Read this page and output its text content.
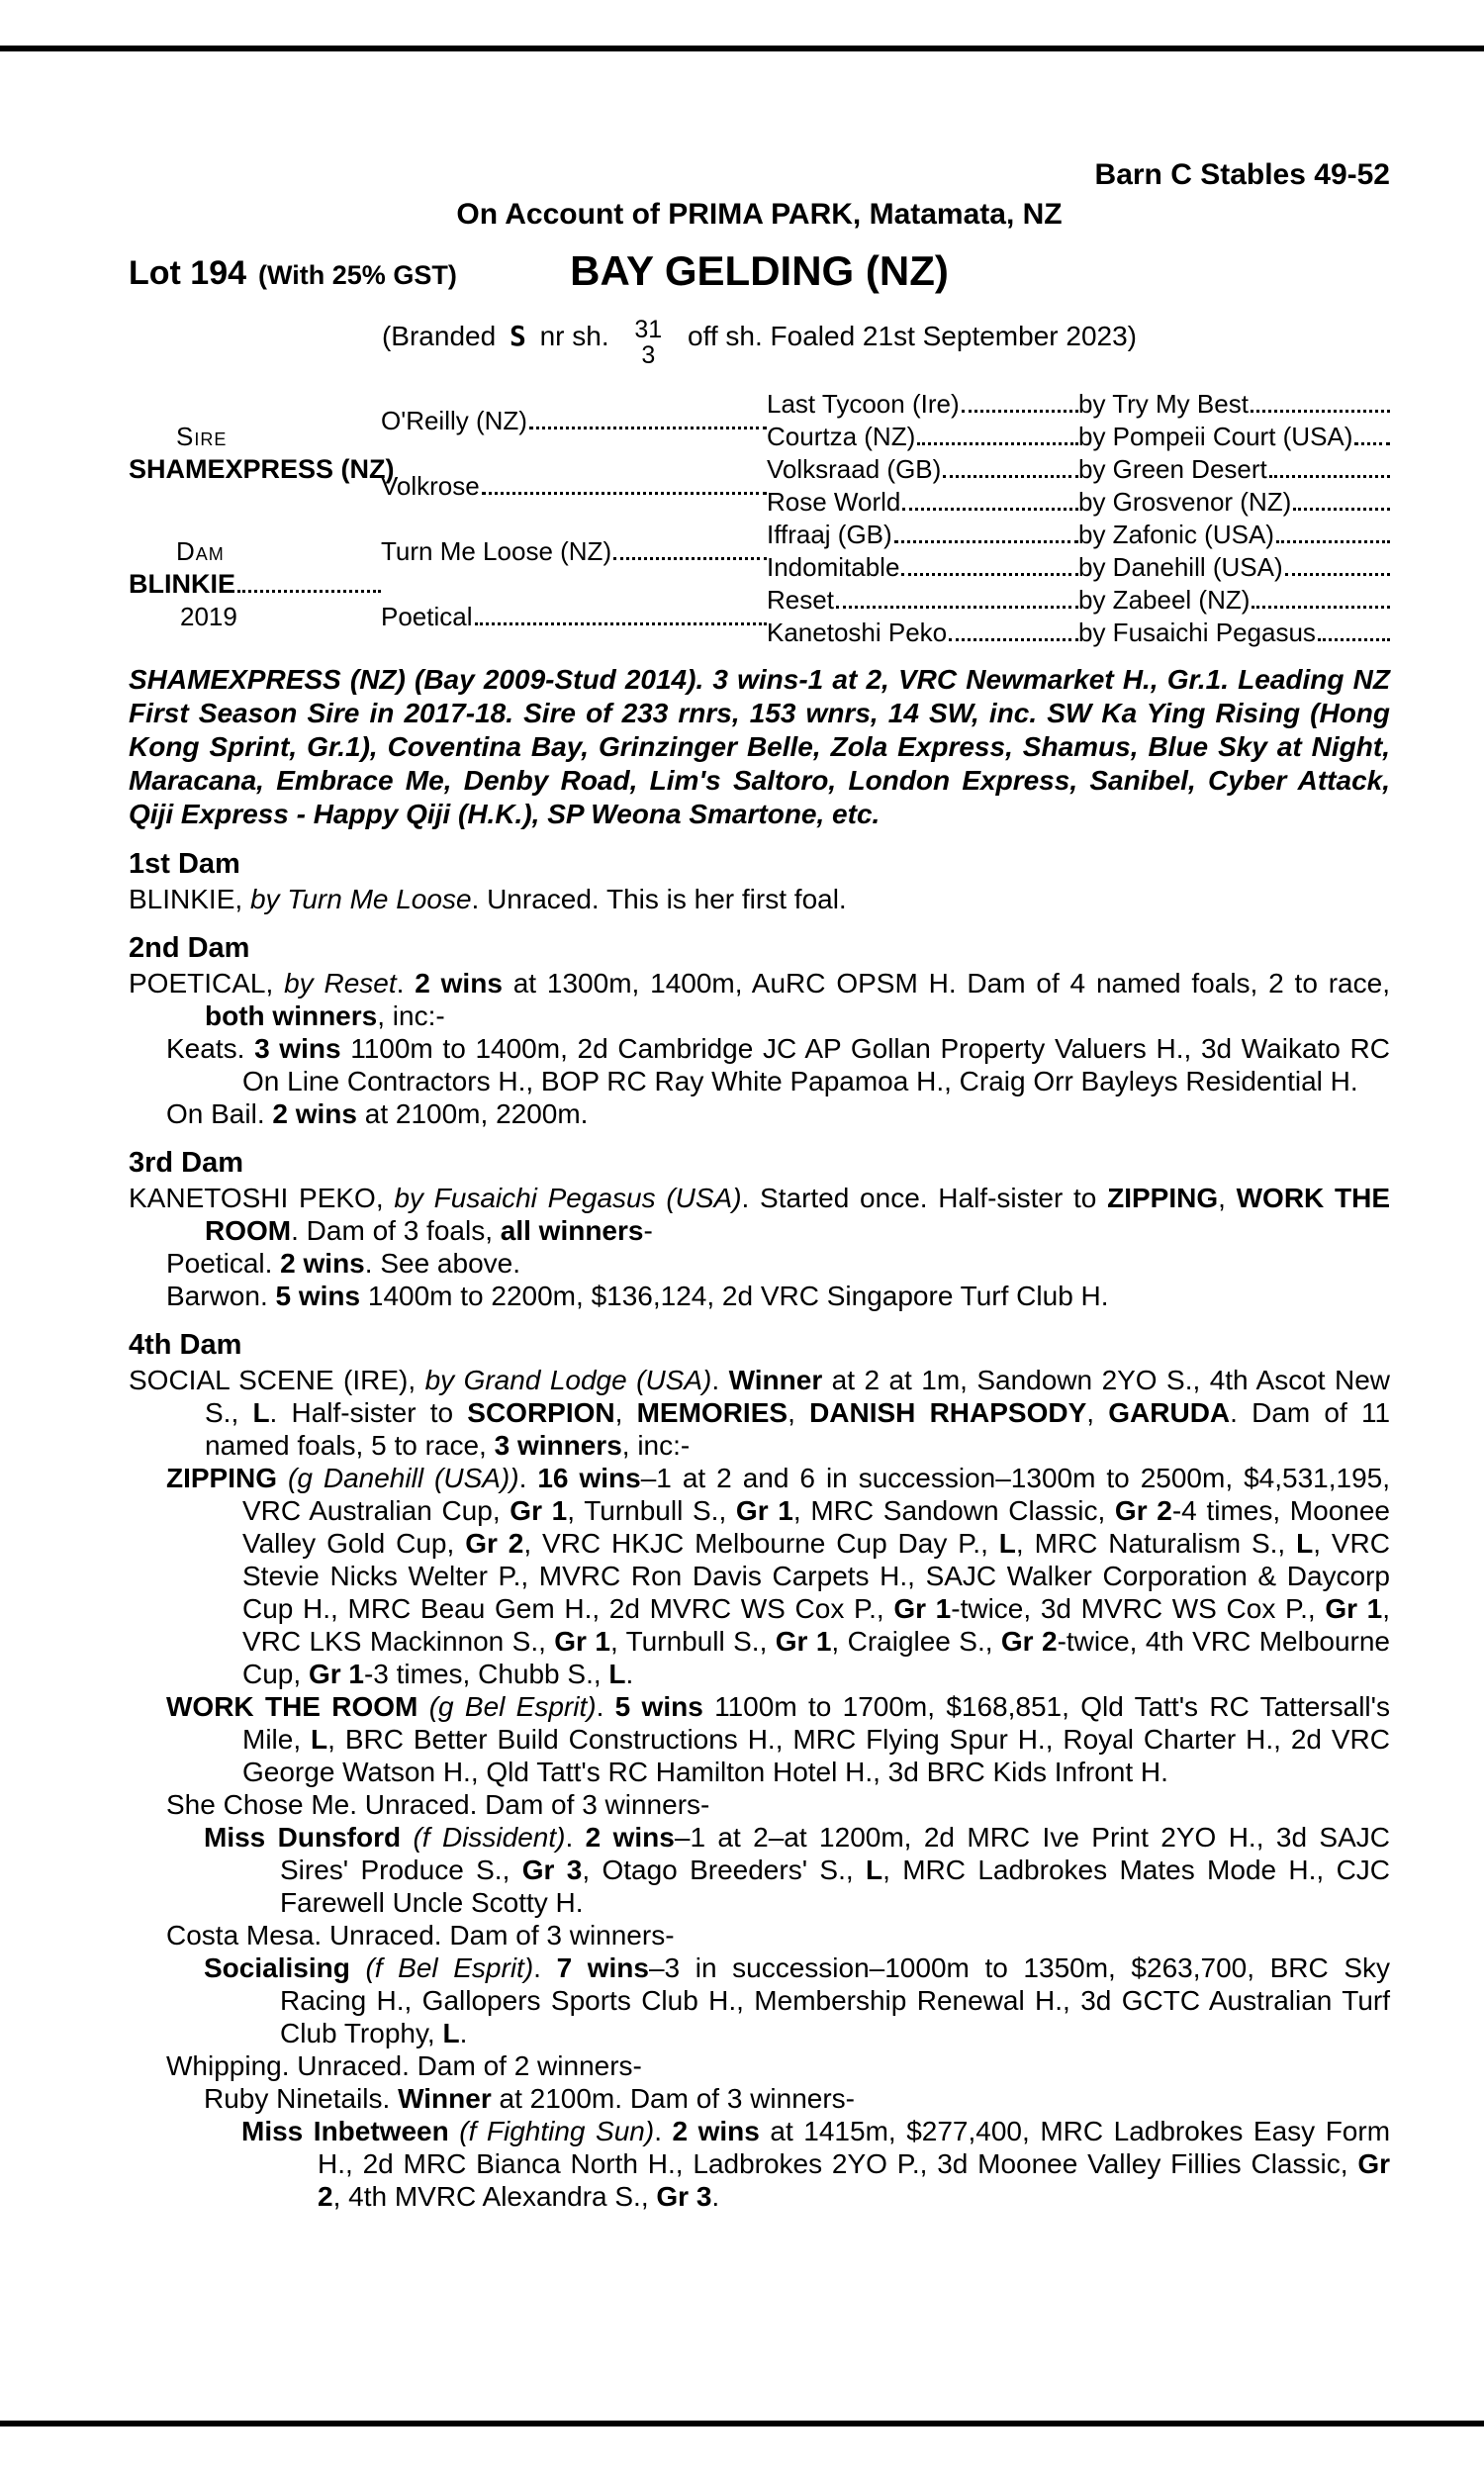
Barn C Stables 49-52
On Account of PRIMA PARK, Matamata, NZ
Lot 194 (With 25% GST)	BAY GELDING (NZ)
(Branded S nr sh. 31
3
off sh. Foaled 21st September 2023)
Sire
SHAMEXPRESS (NZ)
Dam
BLINKIE
2019
O'Reilly (NZ)
Volkrose
Turn Me Loose (NZ)
Poetical
Last Tycoon (Ire)
Courtza (NZ)
Volksraad (GB)
Rose World
Iffraaj (GB)
Indomitable
Reset
Kanetoshi Peko
by Try My Best
by Pompeii Court (USA)
by Green Desert
by Grosvenor (NZ)
by Zafonic (USA)
by Danehill (USA)
by Zabeel (NZ)
by Fusaichi Pegasus
SHAMEXPRESS (NZ) (Bay 2009-Stud 2014). 3 wins-1 at 2, VRC Newmarket H., Gr.1. Leading NZ First Season Sire in 2017-18. Sire of 233 rnrs, 153 wnrs, 14 SW, inc. SW Ka Ying Rising (Hong Kong Sprint, Gr.1), Coventina Bay, Grinzinger Belle, Zola Express, Shamus, Blue Sky at Night, Maracana, Embrace Me, Denby Road, Lim's Saltoro, London Express, Sanibel, Cyber Attack, Qiji Express - Happy Qiji (H.K.), SP Weona Smartone, etc.
1st Dam
BLINKIE, by Turn Me Loose. Unraced. This is her first foal.
2nd Dam
POETICAL, by Reset. 2 wins at 1300m, 1400m, AuRC OPSM H. Dam of 4 named foals, 2 to race, both winners, inc:-
Keats. 3 wins 1100m to 1400m, 2d Cambridge JC AP Gollan Property Valuers H., 3d Waikato RC On Line Contractors H., BOP RC Ray White Papamoa H., Craig Orr Bayleys Residential H.
On Bail. 2 wins at 2100m, 2200m.
3rd Dam
KANETOSHI PEKO, by Fusaichi Pegasus (USA). Started once. Half-sister to ZIPPING, WORK THE ROOM. Dam of 3 foals, all winners-
Poetical. 2 wins. See above.
Barwon. 5 wins 1400m to 2200m, $136,124, 2d VRC Singapore Turf Club H.
4th Dam
SOCIAL SCENE (IRE), by Grand Lodge (USA). Winner at 2 at 1m, Sandown 2YO S., 4th Ascot New S., L. Half-sister to SCORPION, MEMORIES, DANISH RHAPSODY, GARUDA. Dam of 11 named foals, 5 to race, 3 winners, inc:-
ZIPPING (g Danehill (USA)). 16 wins–1 at 2 and 6 in succession–1300m to 2500m, $4,531,195, VRC Australian Cup, Gr 1, Turnbull S., Gr 1, MRC Sandown Classic, Gr 2-4 times, Moonee Valley Gold Cup, Gr 2, VRC HKJC Melbourne Cup Day P., L, MRC Naturalism S., L, VRC Stevie Nicks Welter P., MVRC Ron Davis Carpets H., SAJC Walker Corporation & Daycorp Cup H., MRC Beau Gem H., 2d MVRC WS Cox P., Gr 1-twice, 3d MVRC WS Cox P., Gr 1, VRC LKS Mackinnon S., Gr 1, Turnbull S., Gr 1, Craiglee S., Gr 2-twice, 4th VRC Melbourne Cup, Gr 1-3 times, Chubb S., L.
WORK THE ROOM (g Bel Esprit). 5 wins 1100m to 1700m, $168,851, Qld Tatt's RC Tattersall's Mile, L, BRC Better Build Constructions H., MRC Flying Spur H., Royal Charter H., 2d VRC George Watson H., Qld Tatt's RC Hamilton Hotel H., 3d BRC Kids Infront H.
She Chose Me. Unraced. Dam of 3 winners-
Miss Dunsford (f Dissident). 2 wins–1 at 2–at 1200m, 2d MRC Ive Print 2YO H., 3d SAJC Sires' Produce S., Gr 3, Otago Breeders' S., L, MRC Ladbrokes Mates Mode H., CJC Farewell Uncle Scotty H.
Costa Mesa. Unraced. Dam of 3 winners-
Socialising (f Bel Esprit). 7 wins–3 in succession–1000m to 1350m, $263,700, BRC Sky Racing H., Gallopers Sports Club H., Membership Renewal H., 3d GCTC Australian Turf Club Trophy, L.
Whipping. Unraced. Dam of 2 winners-
Ruby Ninetails. Winner at 2100m. Dam of 3 winners-
Miss Inbetween (f Fighting Sun). 2 wins at 1415m, $277,400, MRC Ladbrokes Easy Form H., 2d MRC Bianca North H., Ladbrokes 2YO P., 3d Moonee Valley Fillies Classic, Gr 2, 4th MVRC Alexandra S., Gr 3.
